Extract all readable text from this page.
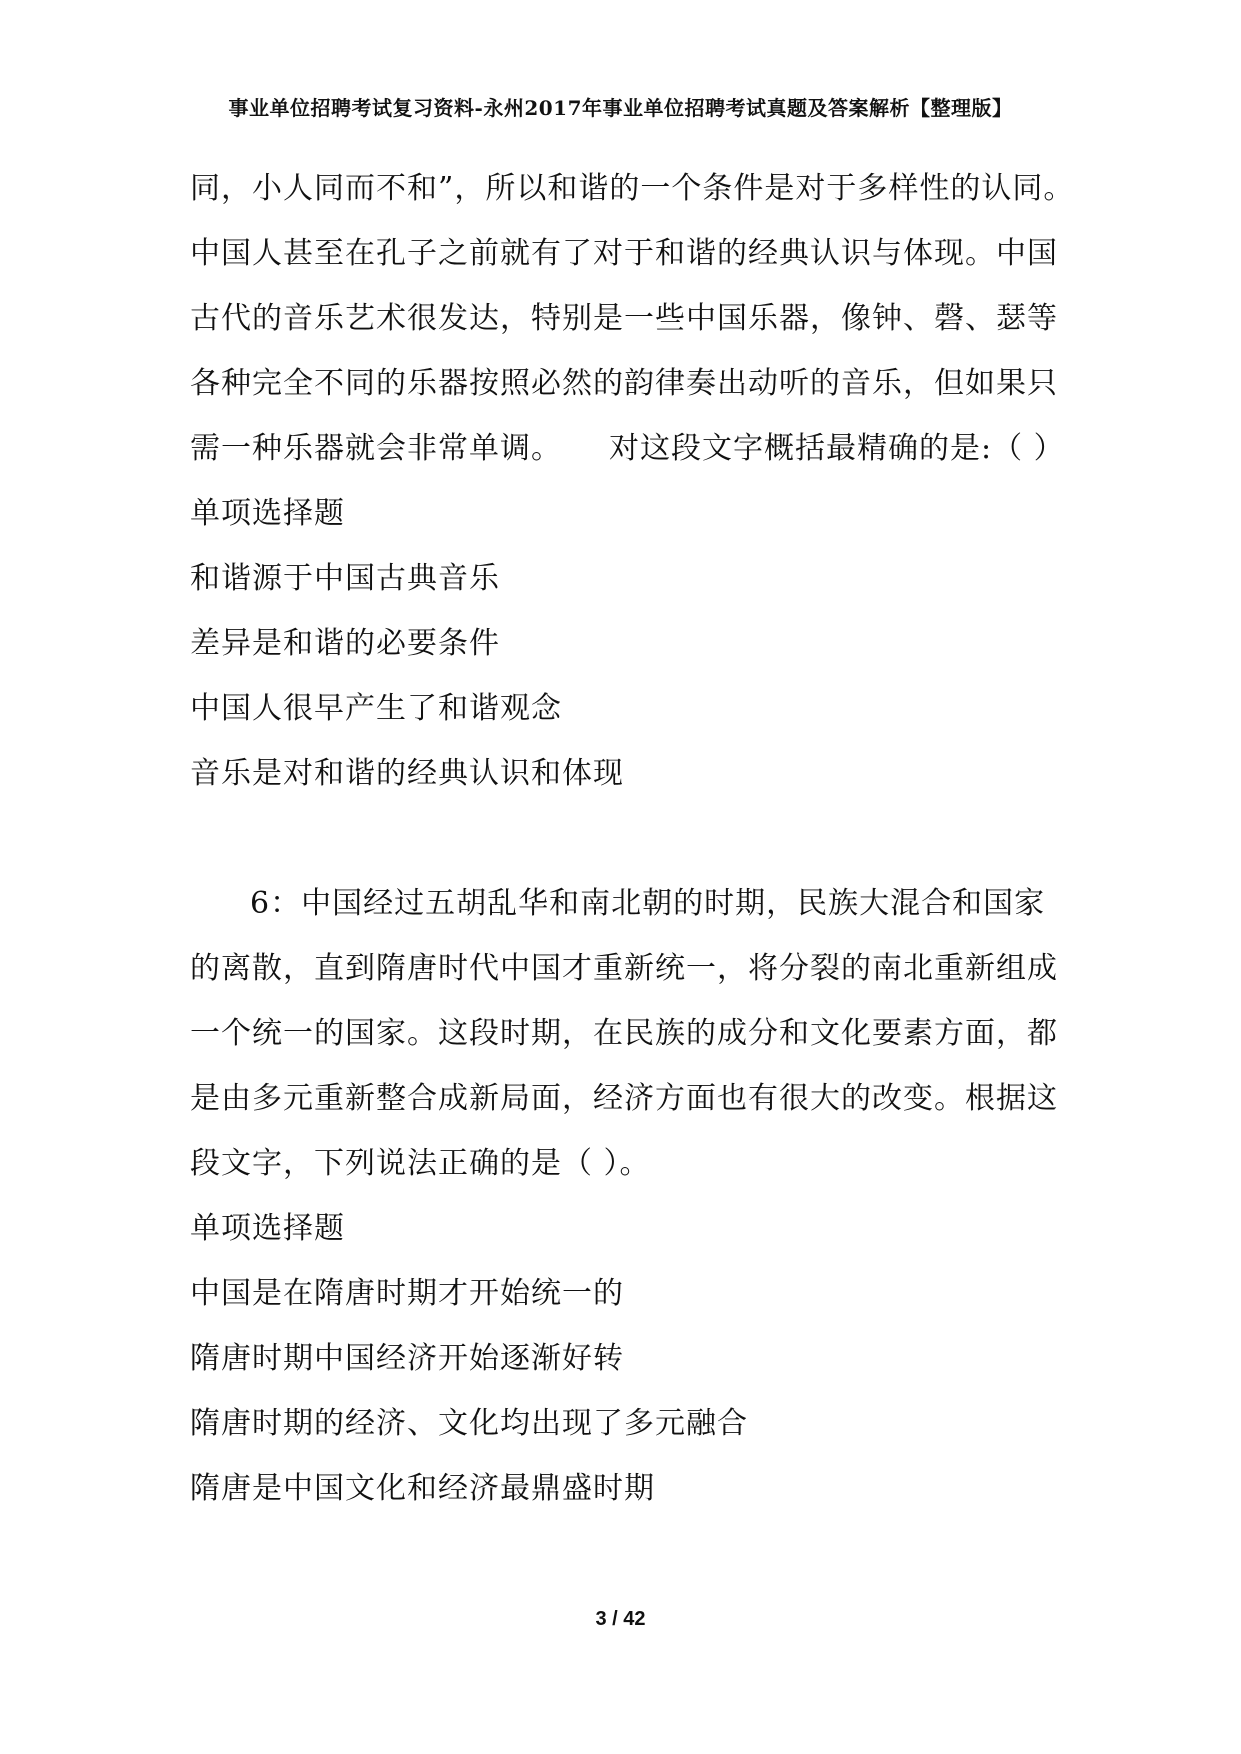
事业单位招聘考试复习资料-永州2017年事业单位招聘考试真题及答案解析【整理版】
同，小人同而不和”，所以和谐的一个条件是对于多样性的认同。
中国人甚至在孔子之前就有了对于和谐的经典认识与体现。中国
古代的音乐艺术很发达，特别是一些中国乐器，像钟、磬、瑟等
各种完全不同的乐器按照必然的韵律奏出动听的音乐，但如果只
需一种乐器就会非常单调。　　对这段文字概括最精确的是:（ ）
单项选择题
和谐源于中国古典音乐
差异是和谐的必要条件
中国人很早产生了和谐观念
音乐是对和谐的经典认识和体现
6：中国经过五胡乱华和南北朝的时期，民族大混合和国家
的离散，直到隋唐时代中国才重新统一，将分裂的南北重新组成
一个统一的国家。这段时期，在民族的成分和文化要素方面，都
是由多元重新整合成新局面，经济方面也有很大的改变。根据这
段文字，下列说法正确的是（ ）。
单项选择题
中国是在隋唐时期才开始统一的
隋唐时期中国经济开始逐渐好转
隋唐时期的经济、文化均出现了多元融合
隋唐是中国文化和经济最鼎盛时期
3 / 42
